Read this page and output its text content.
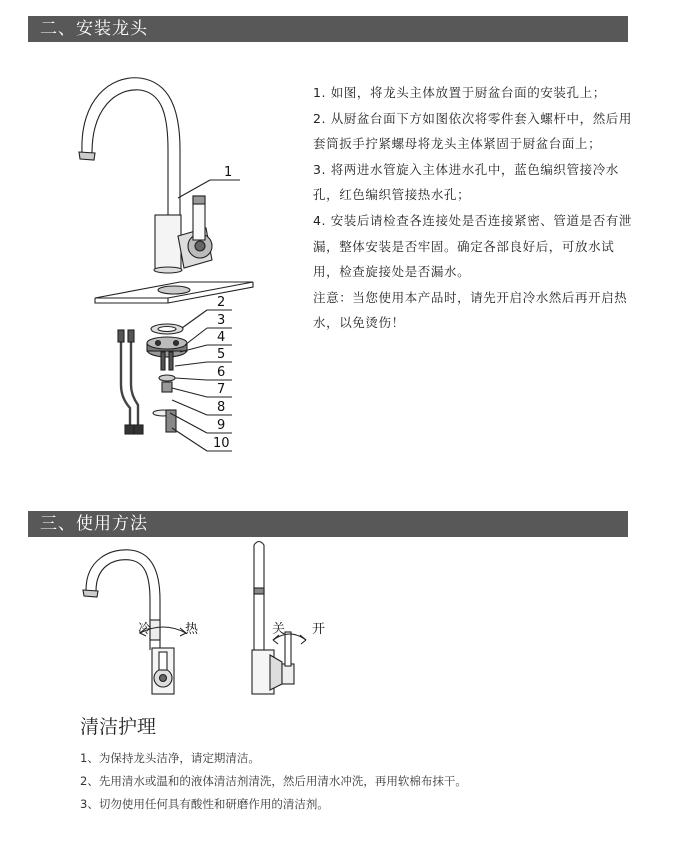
二、安装龙头
1
2
3
4
5
6
7
8
9
10

1. 如图，将龙头主体放置于厨盆台面的安装孔上；

2. 从厨盆台面下方如图依次将零件套入螺杆中，然后用套筒扳手拧紧螺母将龙头主体紧固于厨盆台面上；

3. 将两进水管旋入主体进水孔中，蓝色编织管接冷水孔，红色编织管接热水孔；

4. 安装后请检查各连接处是否连接紧密、管道是否有泄漏，整体安装是否牢固。确定各部良好后，可放水试用，检查旋接处是否漏水。

注意：当您使用本产品时，请先开启冷水然后再开启热水，以免烫伤！

三、使用方法
冷	热	关 开
清洁护理

1、为保持龙头洁净，请定期清洁。

2、先用清水或温和的液体清洁剂清洗，然后用清水冲洗，再用软棉布抹干。

3、切勿使用任何具有酸性和研磨作用的清洁剂。
